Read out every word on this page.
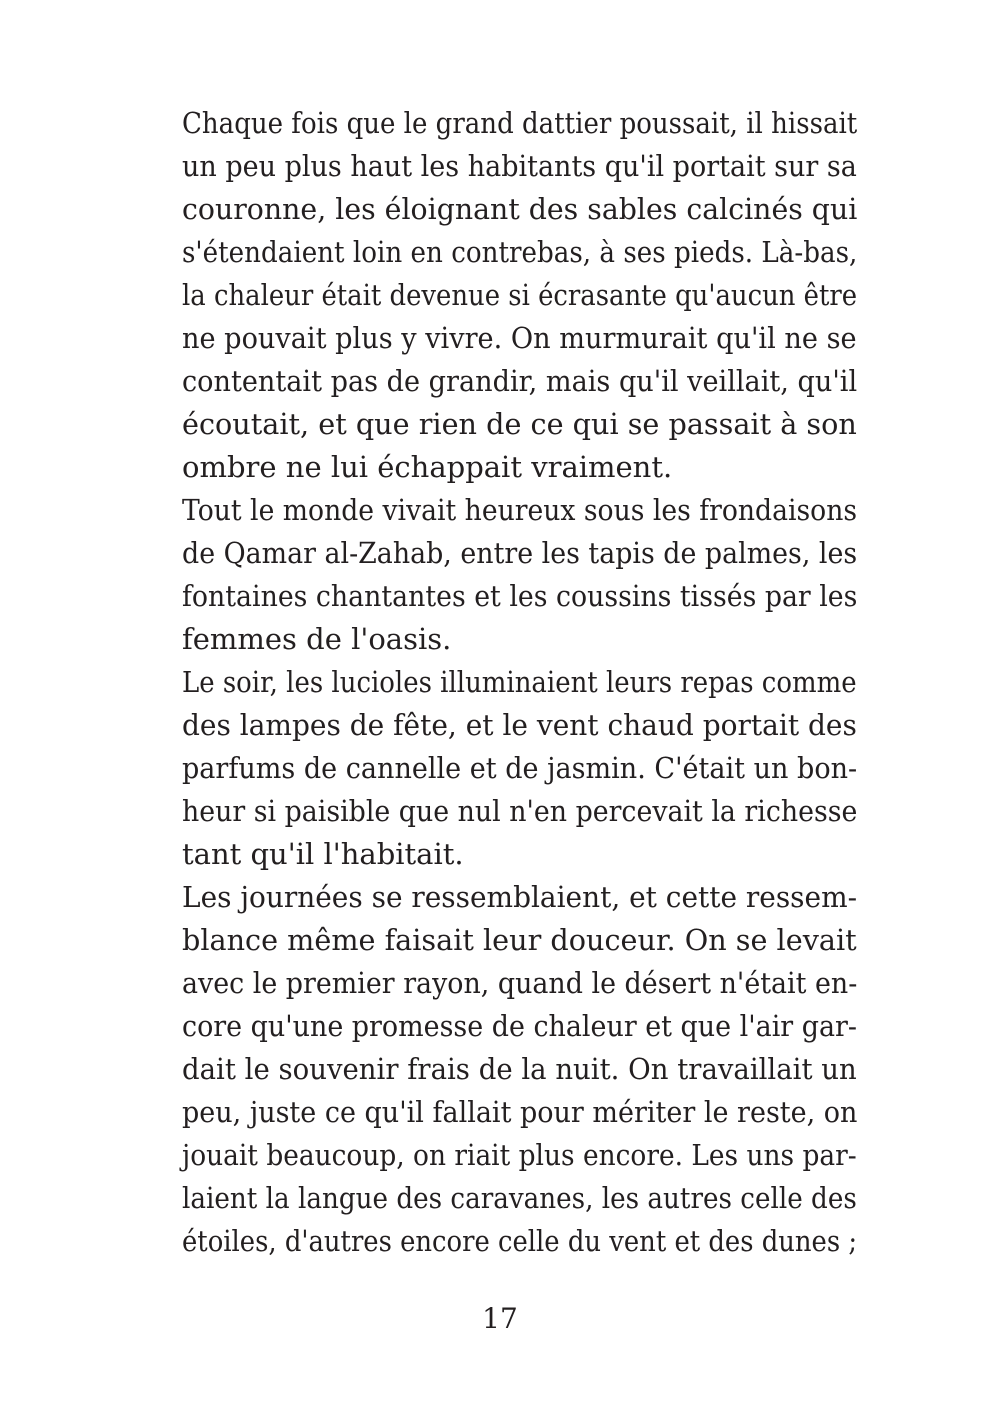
Chaque fois que le grand dattier poussait, il hissait
un peu plus haut les habitants qu'il portait sur sa
couronne, les éloignant des sables calcinés qui
s'étendaient loin en contrebas, à ses pieds. Là-bas,
la chaleur était devenue si écrasante qu'aucun être
ne pouvait plus y vivre. On murmurait qu'il ne se
contentait pas de grandir, mais qu'il veillait, qu'il
écoutait, et que rien de ce qui se passait à son
ombre ne lui échappait vraiment.
Tout le monde vivait heureux sous les frondaisons
de Qamar al-Zahab, entre les tapis de palmes, les
fontaines chantantes et les coussins tissés par les
femmes de l'oasis.
Le soir, les lucioles illuminaient leurs repas comme
des lampes de fête, et le vent chaud portait des
parfums de cannelle et de jasmin. C'était un bon-
heur si paisible que nul n'en percevait la richesse
tant qu'il l'habitait.
Les journées se ressemblaient, et cette ressem-
blance même faisait leur douceur. On se levait
avec le premier rayon, quand le désert n'était en-
core qu'une promesse de chaleur et que l'air gar-
dait le souvenir frais de la nuit. On travaillait un
peu, juste ce qu'il fallait pour mériter le reste, on
jouait beaucoup, on riait plus encore. Les uns par-
laient la langue des caravanes, les autres celle des
étoiles, d'autres encore celle du vent et des dunes ;
17
